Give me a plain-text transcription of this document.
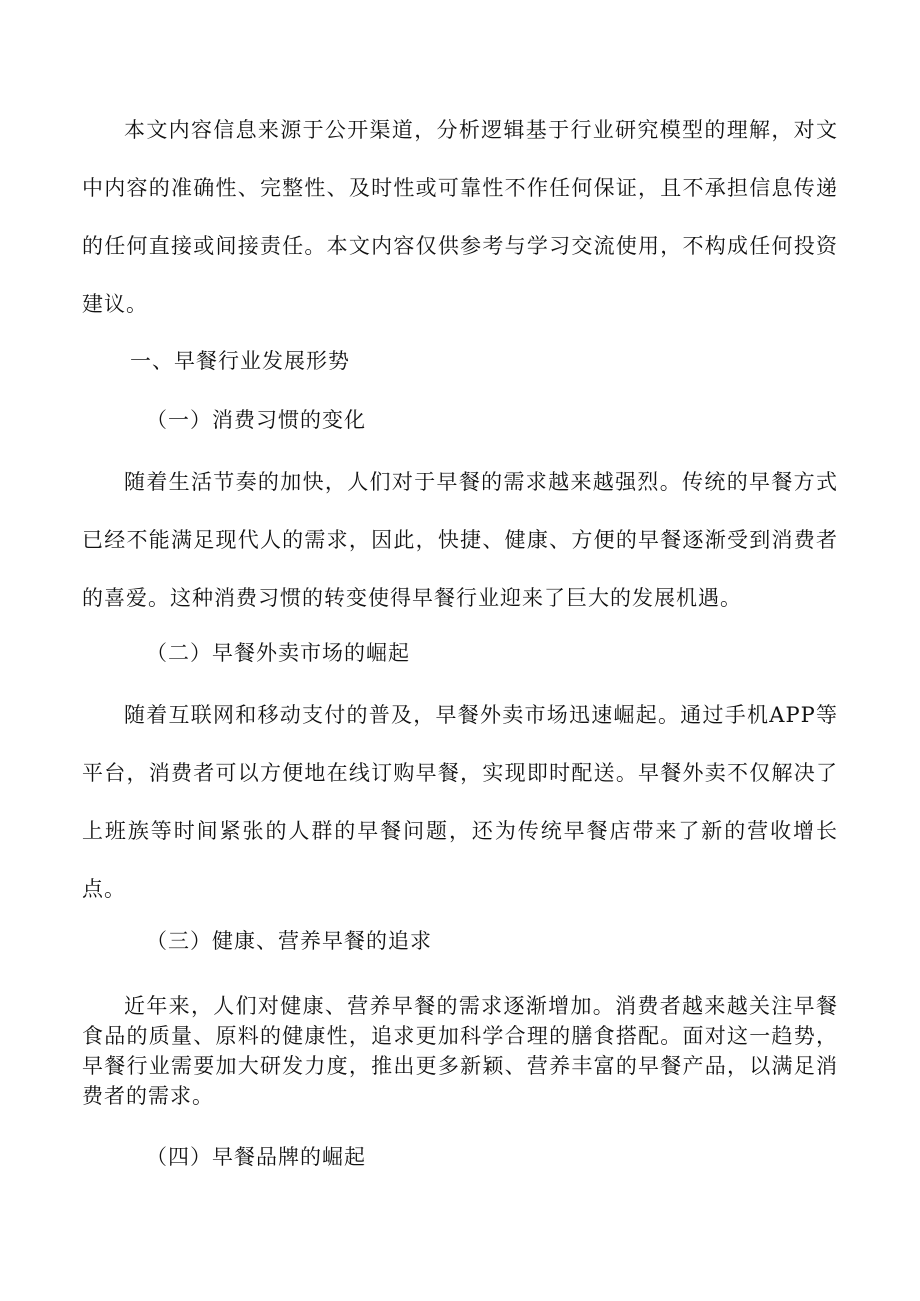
本文内容信息来源于公开渠道，分析逻辑基于行业研究模型的理解，对文中内容的准确性、完整性、及时性或可靠性不作任何保证，且不承担信息传递的任何直接或间接责任。本文内容仅供参考与学习交流使用，不构成任何投资建议。

一、早餐行业发展形势
（一）消费习惯的变化

随着生活节奏的加快，人们对于早餐的需求越来越强烈。传统的早餐方式已经不能满足现代人的需求，因此，快捷、健康、方便的早餐逐渐受到消费者的喜爱。这种消费习惯的转变使得早餐行业迎来了巨大的发展机遇。

（二）早餐外卖市场的崛起

随着互联网和移动支付的普及，早餐外卖市场迅速崛起。通过手机APP等平台，消费者可以方便地在线订购早餐，实现即时配送。早餐外卖不仅解决了上班族等时间紧张的人群的早餐问题，还为传统早餐店带来了新的营收增长点。

（三）健康、营养早餐的追求

近年来，人们对健康、营养早餐的需求逐渐增加。消费者越来越关注早餐食品的质量、原料的健康性，追求更加科学合理的膳食搭配。面对这一趋势，早餐行业需要加大研发力度，推出更多新颖、营养丰富的早餐产品，以满足消费者的需求。

（四）早餐品牌的崛起
